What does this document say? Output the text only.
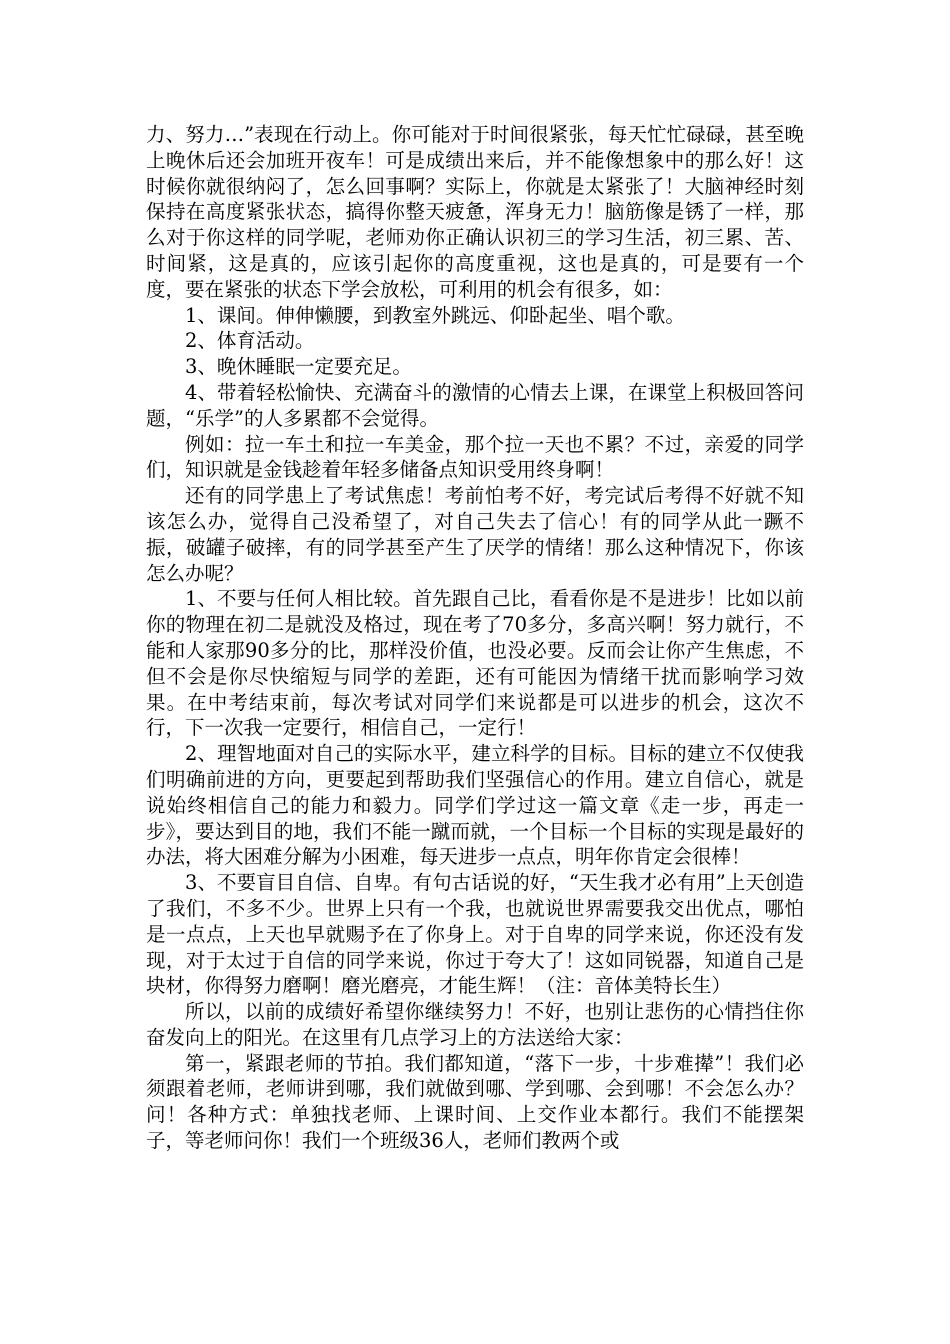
力、努力…”表现在行动上。你可能对于时间很紧张，每天忙忙碌碌，甚至晚上晚休后还会加班开夜车！可是成绩出来后，并不能像想象中的那么好！这时候你就很纳闷了，怎么回事啊？实际上，你就是太紧张了！大脑神经时刻保持在高度紧张状态，搞得你整天疲惫，浑身无力！脑筋像是锈了一样，那么对于你这样的同学呢，老师劝你正确认识初三的学习生活，初三累、苦、时间紧，这是真的，应该引起你的高度重视，这也是真的，可是要有一个度，要在紧张的状态下学会放松，可利用的机会有很多，如：

1、课间。伸伸懒腰，到教室外跳远、仰卧起坐、唱个歌。

2、体育活动。

3、晚休睡眠一定要充足。

4、带着轻松愉快、充满奋斗的激情的心情去上课，在课堂上积极回答问题，“乐学”的人多累都不会觉得。

例如：拉一车土和拉一车美金，那个拉一天也不累？不过，亲爱的同学们，知识就是金钱趁着年轻多储备点知识受用终身啊！

还有的同学患上了考试焦虑！考前怕考不好，考完试后考得不好就不知该怎么办，觉得自己没希望了，对自己失去了信心！有的同学从此一蹶不振，破罐子破摔，有的同学甚至产生了厌学的情绪！那么这种情况下，你该怎么办呢？

1、不要与任何人相比较。首先跟自己比，看看你是不是进步！比如以前你的物理在初二是就没及格过，现在考了70多分，多高兴啊！努力就行，不能和人家那90多分的比，那样没价值，也没必要。反而会让你产生焦虑，不但不会是你尽快缩短与同学的差距，还有可能因为情绪干扰而影响学习效果。在中考结束前，每次考试对同学们来说都是可以进步的机会，这次不行，下一次我一定要行，相信自己，一定行！

2、理智地面对自己的实际水平，建立科学的目标。目标的建立不仅使我们明确前进的方向，更要起到帮助我们坚强信心的作用。建立自信心，就是说始终相信自己的能力和毅力。同学们学过这一篇文章《走一步，再走一步》，要达到目的地，我们不能一蹴而就，一个目标一个目标的实现是最好的办法，将大困难分解为小困难，每天进步一点点，明年你肯定会很棒！

3、不要盲目自信、自卑。有句古话说的好，“天生我才必有用”上天创造了我们，不多不少。世界上只有一个我，也就说世界需要我交出优点，哪怕是一点点，上天也早就赐予在了你身上。对于自卑的同学来说，你还没有发现，对于太过于自信的同学来说，你过于夸大了！这如同锐器，知道自己是块材，你得努力磨啊！磨光磨亮，才能生辉！（注：音体美特长生）

所以，以前的成绩好希望你继续努力！不好，也别让悲伤的心情挡住你奋发向上的阳光。在这里有几点学习上的方法送给大家：

第一，紧跟老师的节拍。我们都知道，“落下一步，十步难撵”！我们必须跟着老师，老师讲到哪，我们就做到哪、学到哪、会到哪！不会怎么办？问！各种方式：单独找老师、上课时间、上交作业本都行。我们不能摆架子，等老师问你！我们一个班级36人，老师们教两个或
